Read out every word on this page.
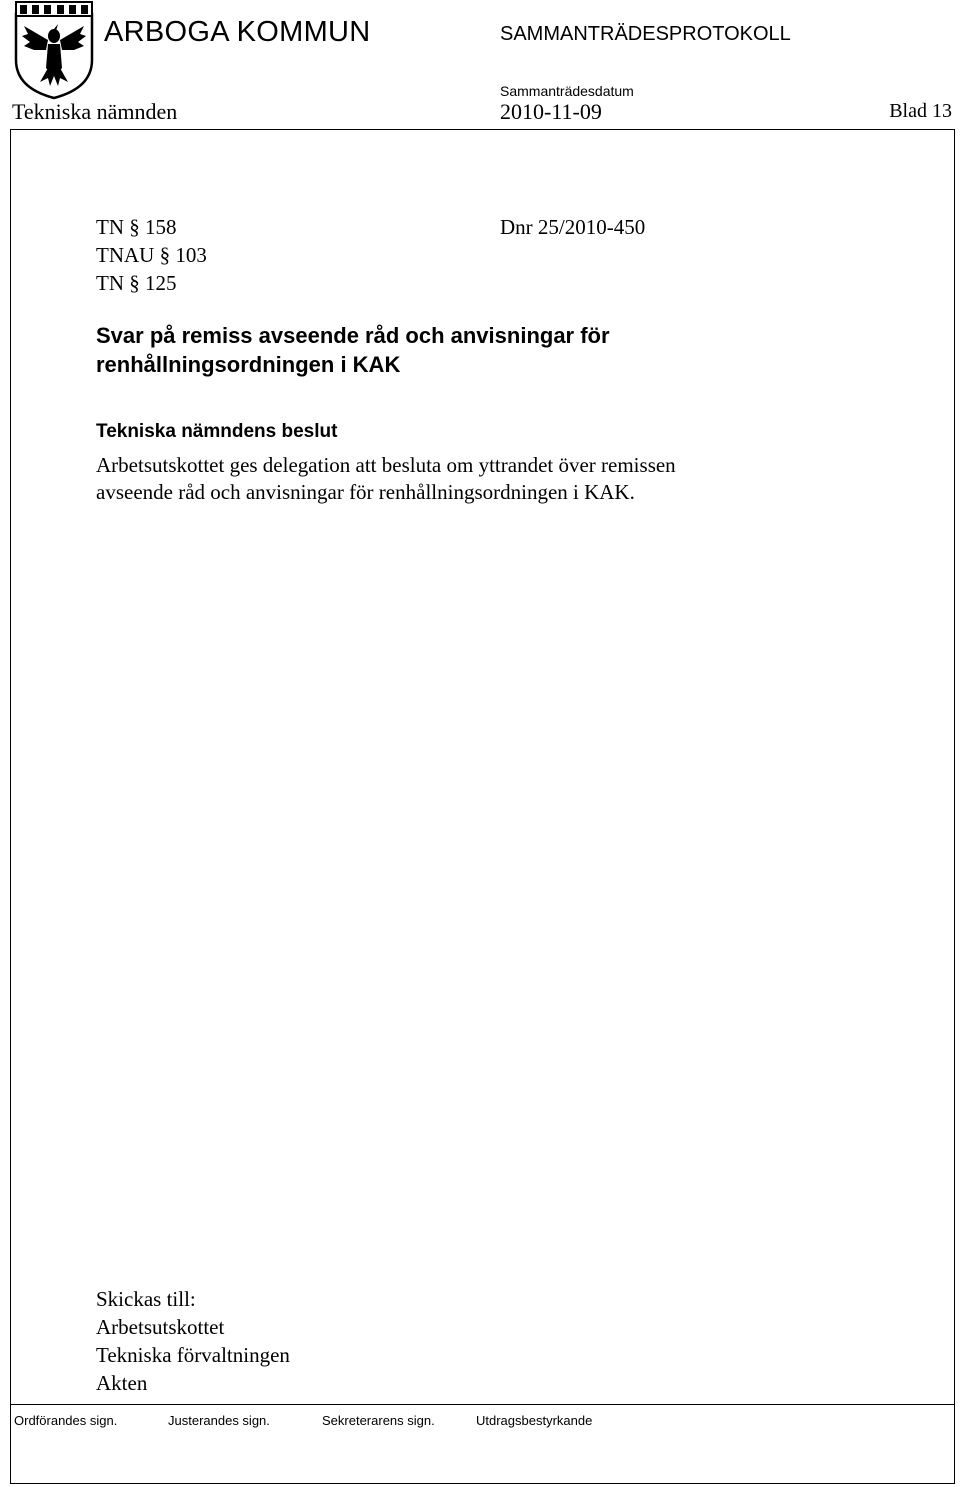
ARBOGA KOMMUN	SAMMANTRÄDESPROTOKOLL
Sammanträdesdatum
Tekniska nämnden	2010-11-09	Blad 13
TN § 158
TNAU § 103
TN § 125
Dnr 25/2010-450
Svar på remiss avseende råd och anvisningar för
renhållningsordningen i KAK
Tekniska nämndens beslut
Arbetsutskottet ges delegation att besluta om yttrandet över remissen
avseende råd och anvisningar för renhållningsordningen i KAK.
Skickas till:
Arbetsutskottet
Tekniska förvaltningen
Akten
Ordförandes sign.	Justerandes sign.	Sekreterarens sign.	Utdragsbestyrkande
